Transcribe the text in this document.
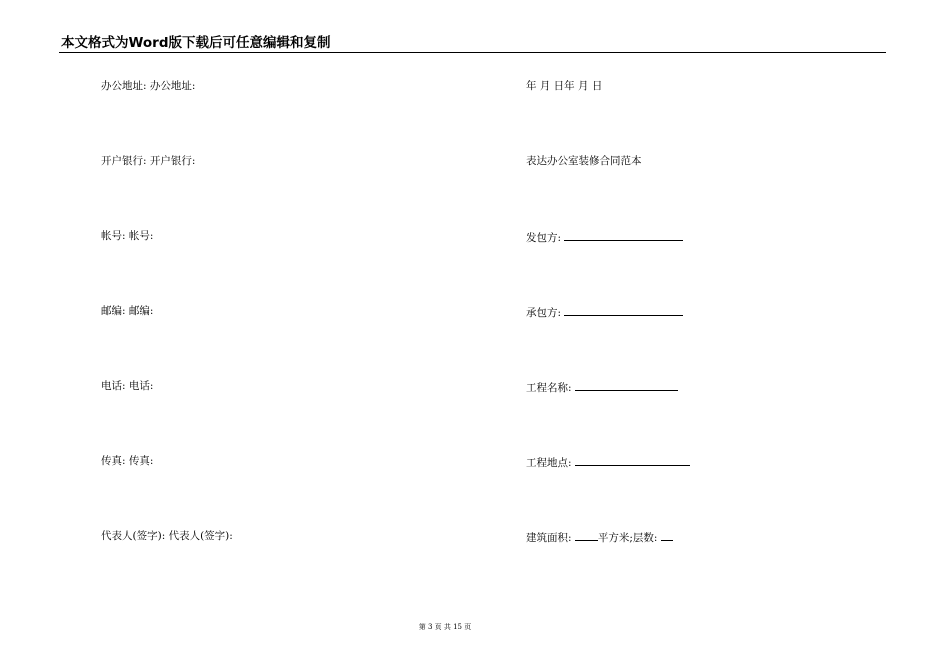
本文格式为Word版下载后可任意编辑和复制
办公地址: 办公地址:
开户银行: 开户银行:
帐号: 帐号:
邮编: 邮编:
电话: 电话:
传真: 传真:
代表人(签字): 代表人(签字):
年 月 日年 月 日
表达办公室装修合同范本
发包方:
承包方:
工程名称:
工程地点:
建筑面积: 平方米;层数:
第 3 页 共 15 页
